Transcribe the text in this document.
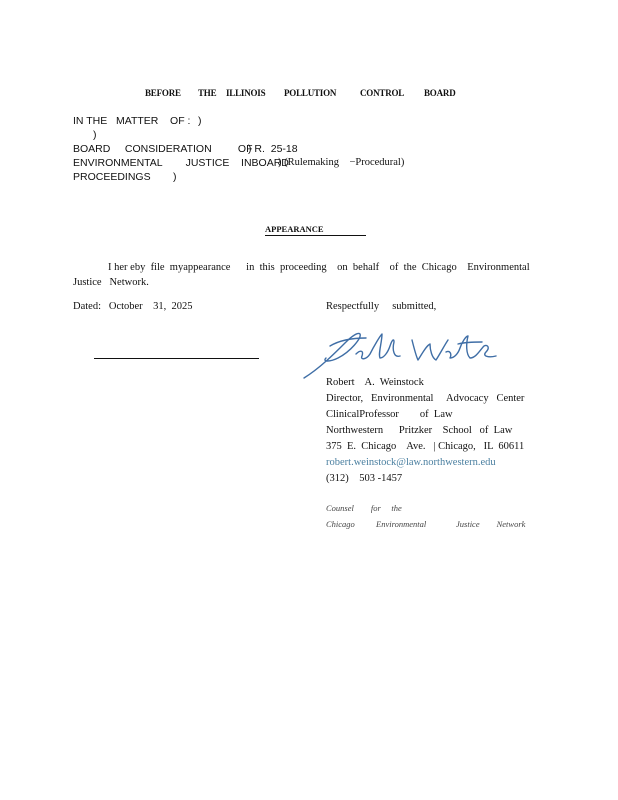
BEFORE THE ILLINOIS POLLUTION	CONTROL BOARD
IN THE   MATTER    OF : )
)
BOARD     CONSIDERATION         OF
) R.  25-18
ENVIRONMENTAL        JUSTICE    INBOARD
) (Rulemaking    −Procedural)
PROCEEDINGS )
APPEARANCE
I her eby  file  myappearance      in  this  proceeding    on  behalf    of  the  Chicago    Environmental
Justice   Network.
Dated:   October    31,  2025	Respectfully     submitted,
Robert    A.  Weinstock
Director,   Environmental     Advocacy   Center
ClinicalProfessor        of  Law
Northwestern      Pritzker    School   of  Law
375  E.  Chicago    Ave.   | Chicago,   IL  60611
robert.weinstock@law.northwestern.edu
(312)    503 -1457
Counsel        for     the
Chicago          Environmental              Justice        Network
